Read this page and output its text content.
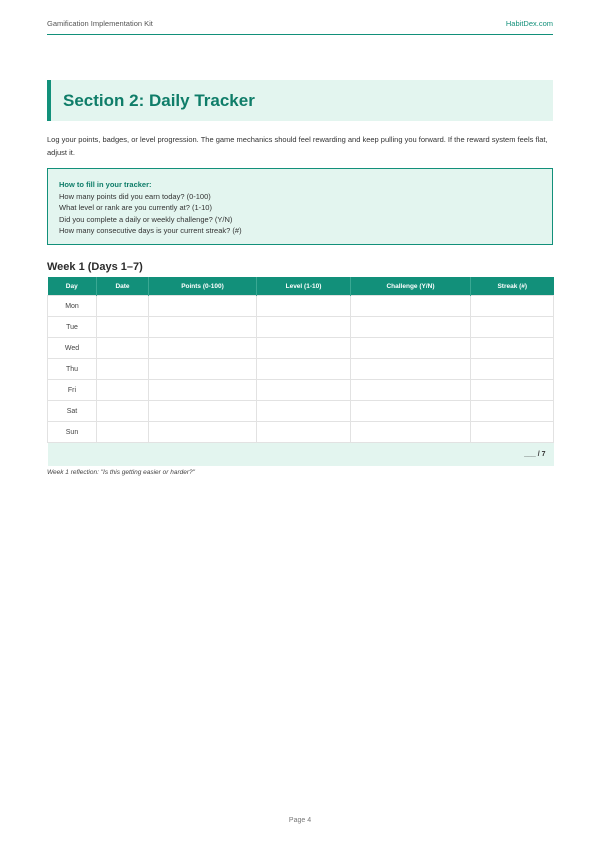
Gamification Implementation Kit	HabitDex.com
Section 2: Daily Tracker
Log your points, badges, or level progression. The game mechanics should feel rewarding and keep pulling you forward. If the reward system feels flat, adjust it.
How to fill in your tracker:
How many points did you earn today? (0-100)
What level or rank are you currently at? (1-10)
Did you complete a daily or weekly challenge? (Y/N)
How many consecutive days is your current streak? (#)
Week 1 (Days 1–7)
Day	Date	Points (0-100)	Level (1-10)	Challenge (Y/N)	Streak (#)
Mon					
Tue					
Wed					
Thu					
Fri					
Sat					
Sun					
___ / 7					
Week 1 reflection: "Is this getting easier or harder?"
Page 4
